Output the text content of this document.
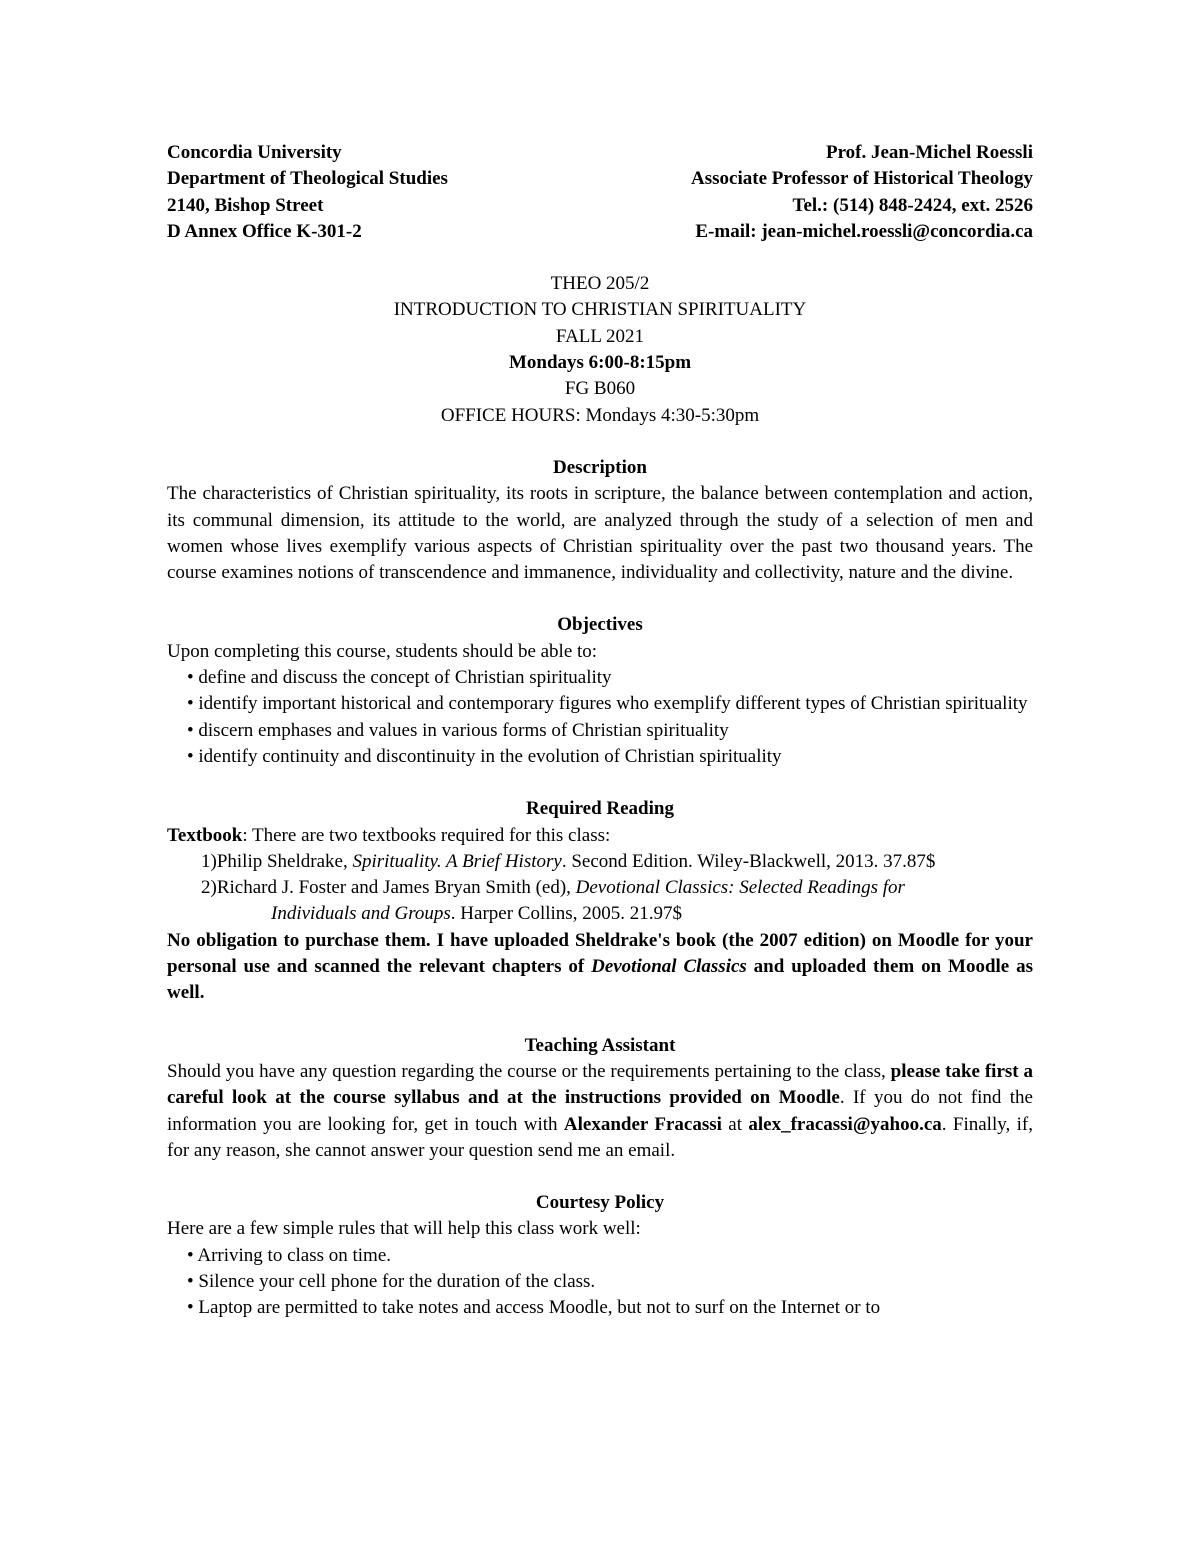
Concordia University
Department of Theological Studies
2140, Bishop Street
D Annex Office K-301-2
Prof. Jean-Michel Roessli
Associate Professor of Historical Theology
Tel.: (514) 848-2424, ext. 2526
E-mail: jean-michel.roessli@concordia.ca
THEO 205/2
INTRODUCTION TO CHRISTIAN SPIRITUALITY
FALL 2021
Mondays 6:00-8:15pm
FG B060
OFFICE HOURS: Mondays 4:30-5:30pm
Description

The characteristics of Christian spirituality, its roots in scripture, the balance between contemplation and action, its communal dimension, its attitude to the world, are analyzed through the study of a selection of men and women whose lives exemplify various aspects of Christian spirituality over the past two thousand years. The course examines notions of transcendence and immanence, individuality and collectivity, nature and the divine.

Objectives

Upon completing this course, students should be able to:

• define and discuss the concept of Christian spirituality

• identify important historical and contemporary figures who exemplify different types of Christian spirituality

• discern emphases and values in various forms of Christian spirituality

• identify continuity and discontinuity in the evolution of Christian spirituality

Required Reading

Textbook: There are two textbooks required for this class:

1)Philip Sheldrake, Spirituality. A Brief History. Second Edition. Wiley-Blackwell, 2013. 37.87$
2)Richard J. Foster and James Bryan Smith (ed), Devotional Classics: Selected Readings for
Individuals and Groups. Harper Collins, 2005. 21.97$

No obligation to purchase them. I have uploaded Sheldrake's book (the 2007 edition) on Moodle for your personal use and scanned the relevant chapters of Devotional Classics and uploaded them on Moodle as well.

Teaching Assistant

Should you have any question regarding the course or the requirements pertaining to the class, please take first a careful look at the course syllabus and at the instructions provided on Moodle. If you do not find the information you are looking for, get in touch with Alexander Fracassi at alex_fracassi@yahoo.ca. Finally, if, for any reason, she cannot answer your question send me an email.

Courtesy Policy

Here are a few simple rules that will help this class work well:

• Arriving to class on time.

• Silence your cell phone for the duration of the class.

• Laptop are permitted to take notes and access Moodle, but not to surf on the Internet or to
